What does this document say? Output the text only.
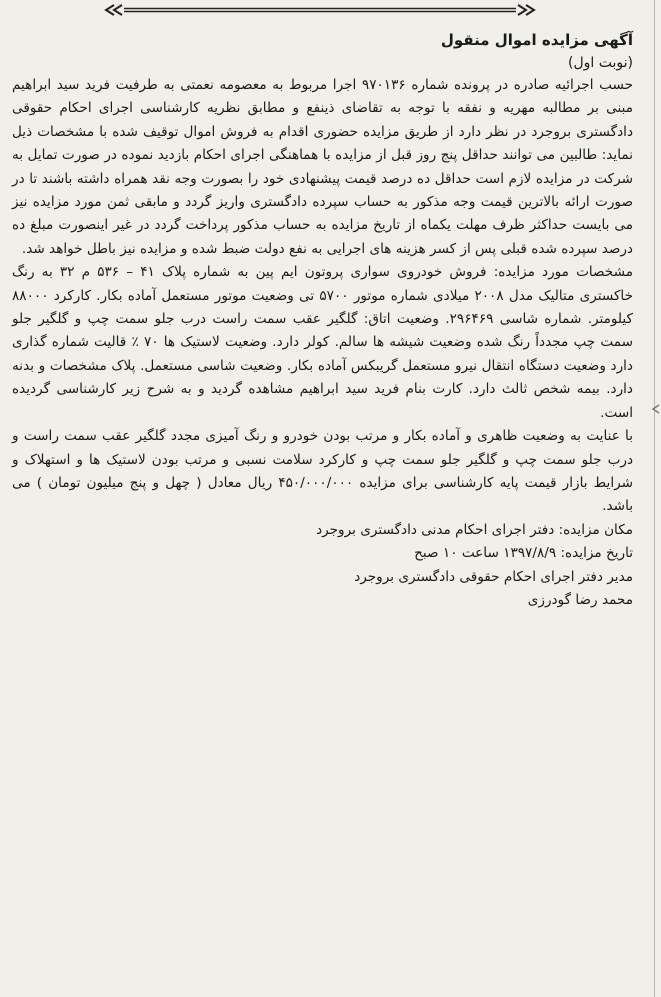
آگهی مزایده اموال منقول

(نوبت اول)

حسب اجرائیه صادره در پرونده شماره ۹۷۰۱۳۶ اجرا مربوط به معصومه نعمتی به طرفیت فرید سید ابراهیم مبنی بر مطالبه مهریه و نفقه با توجه به تقاضای ذینفع و مطابق نظریه کارشناسی اجرای احکام حقوقی دادگستری بروجرد در نظر دارد از طریق مزایده حضوری اقدام به فروش اموال توقیف شده با مشخصات ذیل نماید: طالبین می توانند حداقل پنج روز قبل از مزایده با هماهنگی اجرای احکام بازدید نموده در صورت تمایل به شرکت در مزایده لازم است حداقل ده درصد قیمت پیشنهادی خود را بصورت وجه نقد همراه داشته باشند تا در صورت ارائه بالاترین قیمت وجه مذکور به حساب سپرده دادگستری واریز گردد و مابقی ثمن مورد مزایده نیز می بایست حداکثر ظرف مهلت یکماه از تاریخ مزایده به حساب مذکور پرداخت گردد در غیر اینصورت مبلغ ده درصد سپرده شده قبلی پس از کسر هزینه های اجرایی به نفع دولت ضبط شده و مزایده نیز باطل خواهد شد.

مشخصات مورد مزایده: فروش خودروی سواری پروتون ایم پین به شماره پلاک ۴۱ – ۵۳۶ م ۳۲ به رنگ خاکستری متالیک مدل ۲۰۰۸ میلادی شماره موتور ۵۷۰۰ تی وضعیت موتور مستعمل آماده بکار. کارکرد ۸۸۰۰۰ کیلومتر. شماره شاسی ۲۹۶۴۶۹. وضعیت اتاق: گلگیر عقب سمت راست درب جلو سمت چپ و گلگیر جلو سمت چپ مجدداً رنگ شده وضعیت شیشه ها سالم. کولر دارد. وضعیت لاستیک ها ۷۰ ٪ قالیت شماره گذاری دارد وضعیت دستگاه انتقال نیرو مستعمل گریبکس آماده بکار. وضعیت شاسی مستعمل. پلاک مشخصات و بدنه دارد. بیمه شخص ثالث دارد. کارت بنام فرید سید ابراهیم مشاهده گردید و به شرح زیر کارشناسی گردیده است.

با عنایت به وضعیت ظاهری و آماده بکار و مرتب بودن خودرو و رنگ آمیزی مجدد گلگیر عقب سمت راست و درب جلو سمت چپ و گلگیر جلو سمت چپ و کارکرد سلامت نسبی و مرتب بودن لاستیک ها و استهلاک و شرایط بازار قیمت پایه کارشناسی برای مزایده ۴۵۰/۰۰۰/۰۰۰ ریال معادل ( چهل و پنج میلیون تومان ) می باشد.

مکان مزایده: دفتر اجرای احکام مدنی دادگستری بروجرد

تاریخ مزایده: ۱۳۹۷/۸/۹ ساعت ۱۰ صبح

مدیر دفتر اجرای احکام حقوقی دادگستری بروجرد

محمد رضا گودرزی
